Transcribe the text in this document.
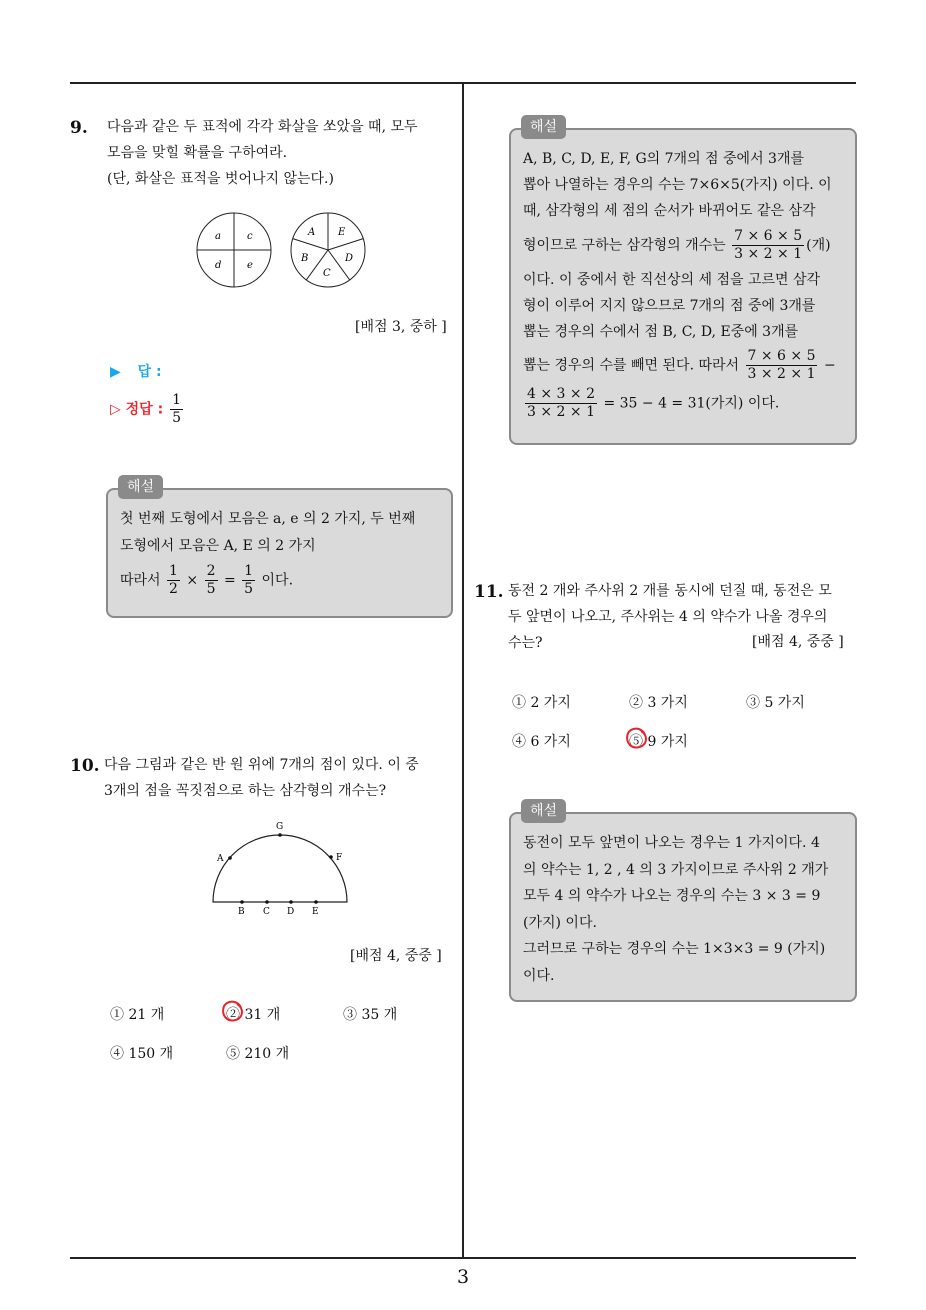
3
9. 다음과 같은 두 표적에 각각 화살을 쏘았을 때, 모두
모음을 맞힐 확률을 구하여라.
(단, 화살은 표적을 벗어나지 않는다.)
a	c
d	e
A E
D
C
B
[배점 3, 중하 ]
▶ 답 :
▷ 정답 : $\frac{1}{5}$
해설
첫 번째 도형에서 모음은 a, e 의 2 가지, 두 번째
도형에서 모음은 A, E 의 2 가지
따라서 $\frac{1}{2} \times \frac{2}{5} = \frac{1}{5}$ 이다.
10. 다음 그림과 같은 반 원 위에 7개의 점이 있다. 이 중
3개의 점을 꼭짓점으로 하는 삼각형의 개수는?
G
A	F
B C D E
[배점 4, 중중 ]
① 21 개	② 31 개	③ 35 개
④ 150 개	⑤ 210 개
해설
A, B, C, D, E, F, G의 7개의 점 중에서 3개를
뽑아 나열하는 경우의 수는 7×6×5(가지) 이다. 이
때, 삼각형의 세 점의 순서가 바뀌어도 같은 삼각
형이므로 구하는 삼각형의 개수는 $\frac{7 \times 6 \times 5}{3 \times 2 \times 1}$ (개)
이다. 이 중에서 한 직선상의 세 점을 고르면 삼각
형이 이루어 지지 않으므로 7개의 점 중에 3개를
뽑는 경우의 수에서 점 B, C, D, E중에 3개를
뽑는 경우의 수를 빼면 된다. 따라서 $\frac{7 \times 6 \times 5}{3 \times 2 \times 1}$ −
$\frac{4 \times 3 \times 2}{3 \times 2 \times 1} = 35 - 4 = 31$(가지) 이다.
11. 동전 2 개와 주사위 2 개를 동시에 던질 때, 동전은 모
두 앞면이 나오고, 주사위는 4 의 약수가 나올 경우의
수는?	[배점 4, 중중 ]
① 2 가지	② 3 가지	③ 5 가지
④ 6 가지	⑤ 9 가지
해설
동전이 모두 앞면이 나오는 경우는 1 가지이다. 4
의 약수는 1, 2 , 4 의 3 가지이므로 주사위 2 개가
모두 4 의 약수가 나오는 경우의 수는 3 × 3 = 9
(가지) 이다.
그러므로 구하는 경우의 수는 1×3×3 = 9 (가지)
이다.
